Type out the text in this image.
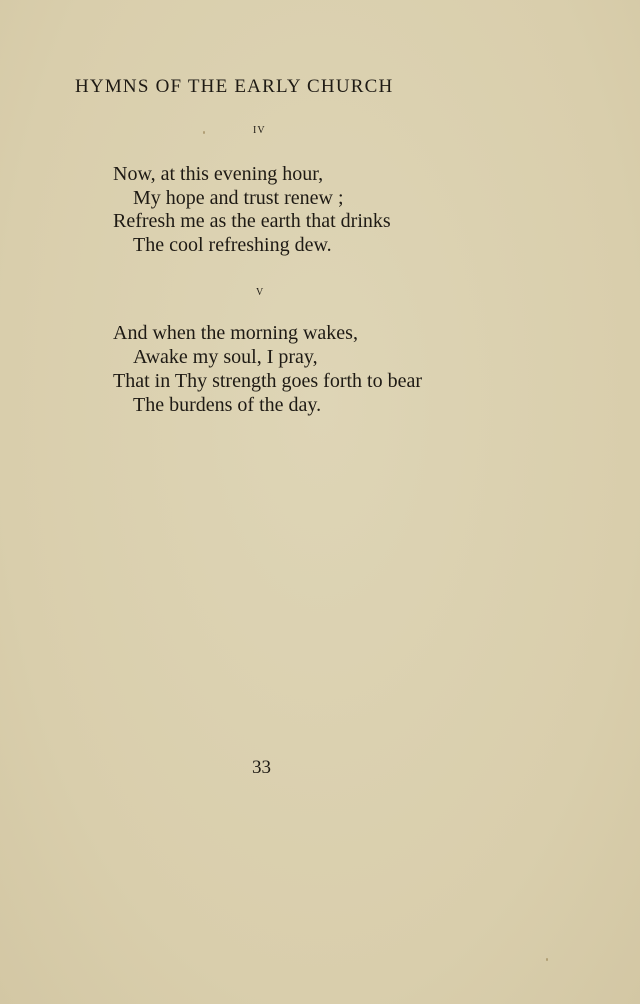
HYMNS OF THE EARLY CHURCH
iv
Now, at this evening hour,
My hope and trust renew ;
Refresh me as the earth that drinks
The cool refreshing dew.
v
And when the morning wakes,
Awake my soul, I pray,
That in Thy strength goes forth to bear
The burdens of the day.
33
